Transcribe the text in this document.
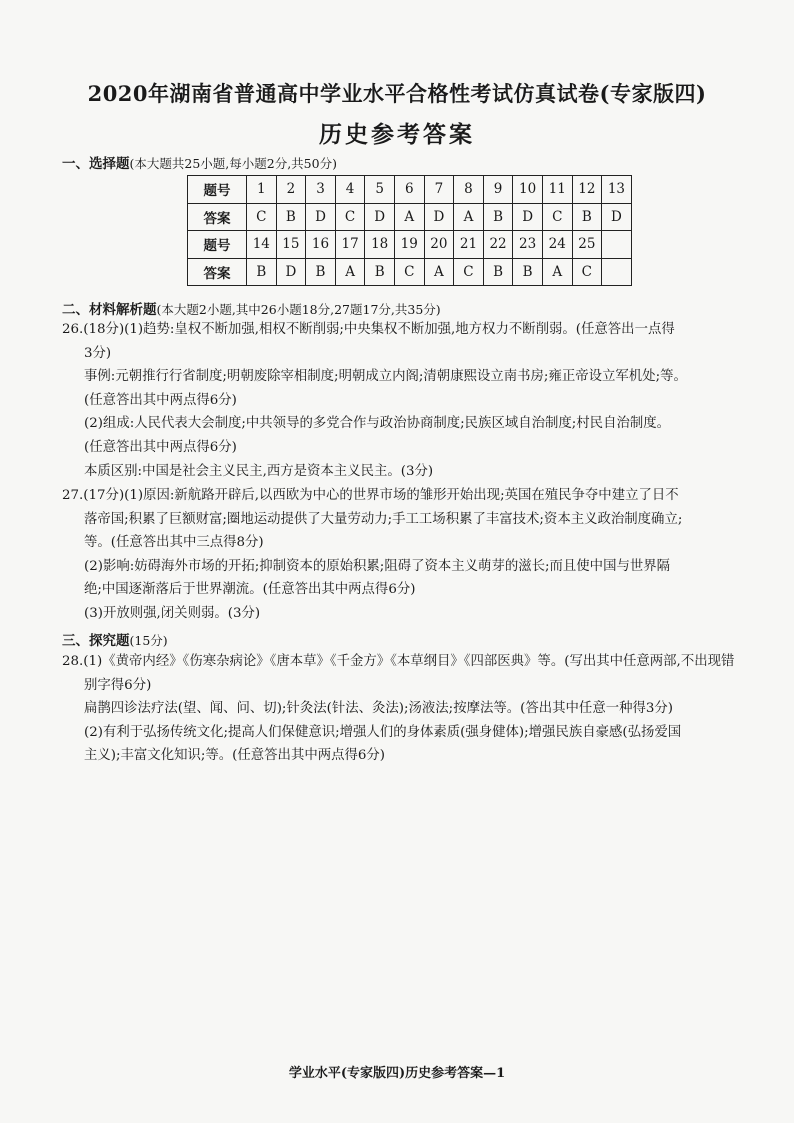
2020年湖南省普通高中学业水平合格性考试仿真试卷(专家版四)
历史参考答案
一、选择题(本大题共25小题,每小题2分,共50分)
题号	1	2	3	4	5	6	7	8	9	10	11	12	13
答案	C	B	D	C	D	A	D	A	B	D	C	B	D
题号	14	15	16	17	18	19	20	21	22	23	24	25	
答案	B	D	B	A	B	C	A	C	B	B	A	C	
二、材料解析题(本大题2小题,其中26小题18分,27题17分,共35分)

26.(18分)(1)趋势:皇权不断加强,相权不断削弱;中央集权不断加强,地方权力不断削弱。(任意答出一点得

3分)

事例:元朝推行行省制度;明朝废除宰相制度;明朝成立内阁;清朝康熙设立南书房;雍正帝设立军机处;等。

(任意答出其中两点得6分)

(2)组成:人民代表大会制度;中共领导的多党合作与政治协商制度;民族区域自治制度;村民自治制度。

(任意答出其中两点得6分)

本质区别:中国是社会主义民主,西方是资本主义民主。(3分)

27.(17分)(1)原因:新航路开辟后,以西欧为中心的世界市场的雏形开始出现;英国在殖民争夺中建立了日不

落帝国;积累了巨额财富;圈地运动提供了大量劳动力;手工工场积累了丰富技术;资本主义政治制度确立;

等。(任意答出其中三点得8分)

(2)影响:妨碍海外市场的开拓;抑制资本的原始积累;阻碍了资本主义萌芽的滋长;而且使中国与世界隔

绝;中国逐渐落后于世界潮流。(任意答出其中两点得6分)

(3)开放则强,闭关则弱。(3分)

三、探究题(15分)

28.(1)《黄帝内经》《伤寒杂病论》《唐本草》《千金方》《本草纲目》《四部医典》等。(写出其中任意两部,不出现错

别字得6分)

扁鹊四诊法疗法(望、闻、问、切);针灸法(针法、灸法);汤液法;按摩法等。(答出其中任意一种得3分)

(2)有利于弘扬传统文化;提高人们保健意识;增强人们的身体素质(强身健体);增强民族自豪感(弘扬爱国

主义);丰富文化知识;等。(任意答出其中两点得6分)

学业水平(专家版四)历史参考答案—1
